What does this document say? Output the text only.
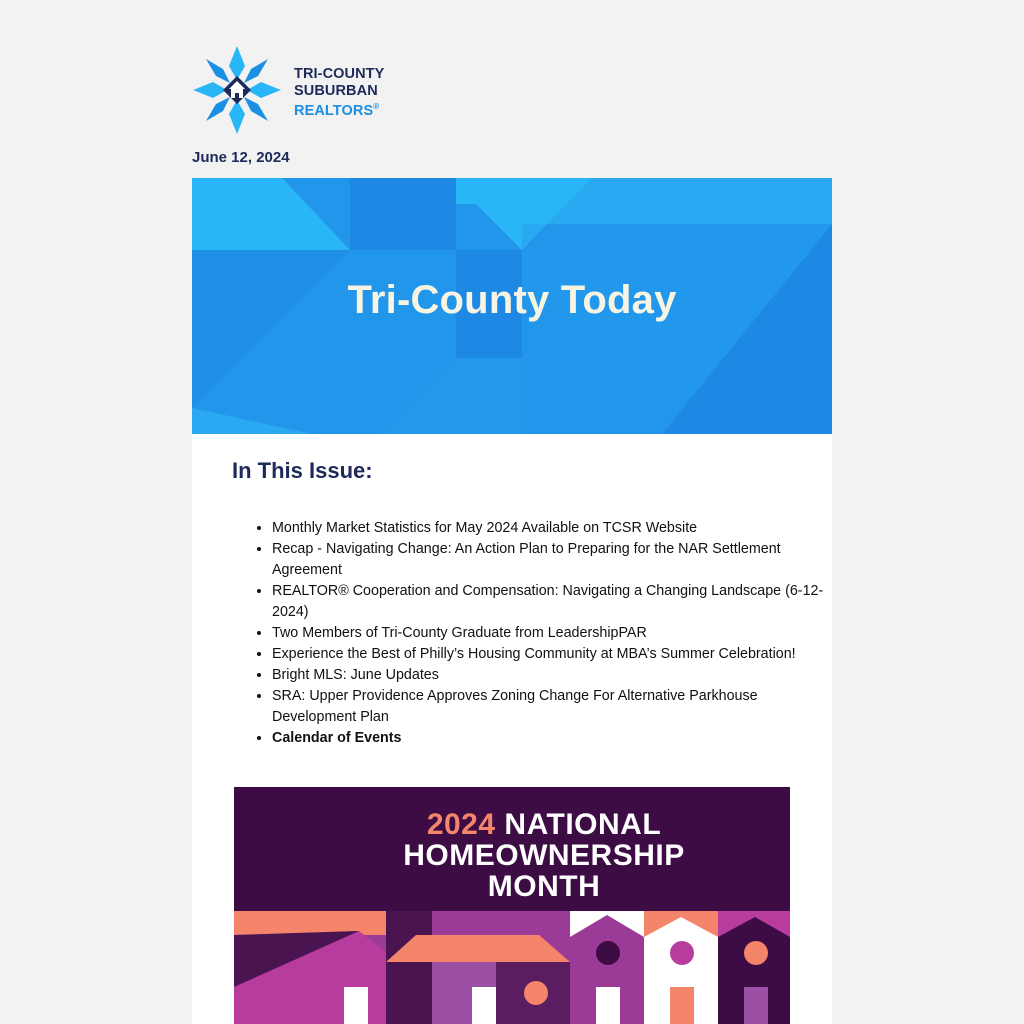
TRI-COUNTY
SUBURBAN
REALTORS®
June 12, 2024
Tri-County Today
In This Issue:
• Monthly Market Statistics for May 2024 Available on TCSR Website
• Recap - Navigating Change: An Action Plan to Preparing for the NAR Settlement Agreement
• REALTOR® Cooperation and Compensation: Navigating a Changing Landscape (6-12-2024)
• Two Members of Tri-County Graduate from LeadershipPAR
• Experience the Best of Philly’s Housing Community at MBA’s Summer Celebration!
• Bright MLS: June Updates
• SRA: Upper Providence Approves Zoning Change For Alternative Parkhouse Development Plan
• Calendar of Events
2024 NATIONAL
HOMEOWNERSHIP
MONTH
